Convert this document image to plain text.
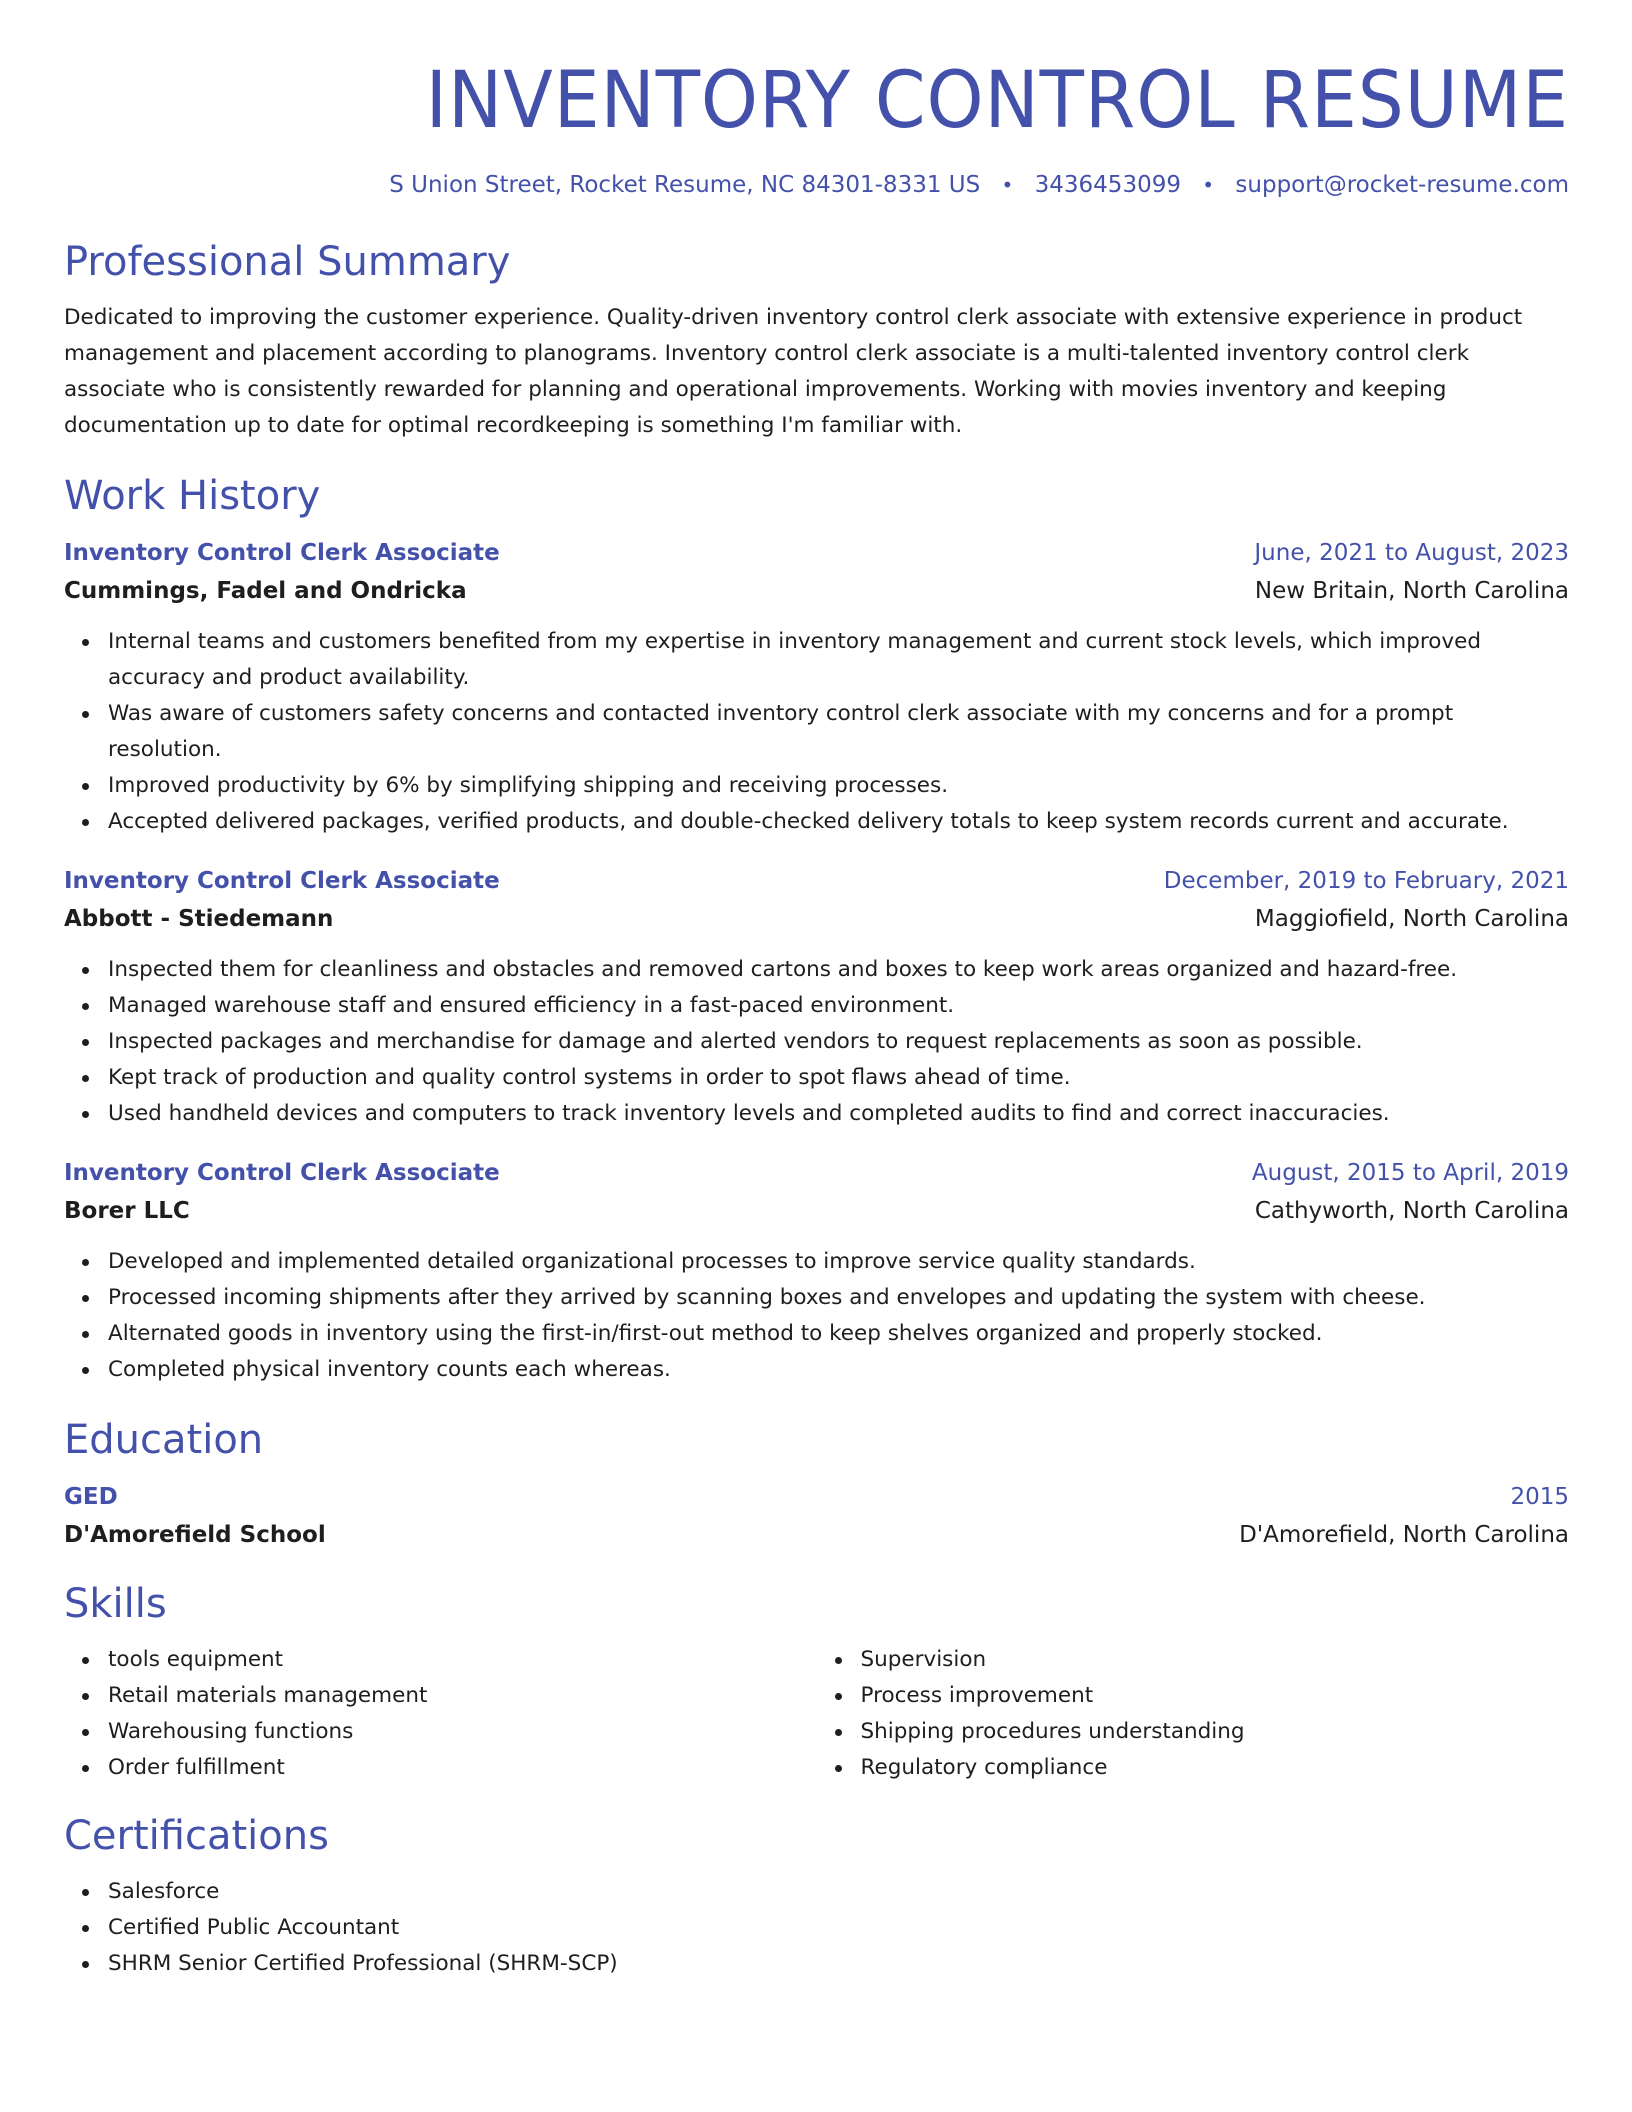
INVENTORY CONTROL RESUME
S Union Street, Rocket Resume, NC 84301-8331 US • 3436453099 • support@rocket-resume.com
Professional Summary

Dedicated to improving the customer experience. Quality-driven inventory control clerk associate with extensive experience in product management and placement according to planograms. Inventory control clerk associate is a multi-talented inventory control clerk associate who is consistently rewarded for planning and operational improvements. Working with movies inventory and keeping documentation up to date for optimal recordkeeping is something I'm familiar with.

Work History
Inventory Control Clerk Associate	June, 2021 to August, 2023
Cummings, Fadel and Ondricka	New Britain, North Carolina
Internal teams and customers benefited from my expertise in inventory management and current stock levels, which improved accuracy and product availability.
Was aware of customers safety concerns and contacted inventory control clerk associate with my concerns and for a prompt resolution.
Improved productivity by 6% by simplifying shipping and receiving processes.
Accepted delivered packages, verified products, and double-checked delivery totals to keep system records current and accurate.
Inventory Control Clerk Associate	December, 2019 to February, 2021
Abbott - Stiedemann	Maggiofield, North Carolina
Inspected them for cleanliness and obstacles and removed cartons and boxes to keep work areas organized and hazard-free.
Managed warehouse staff and ensured efficiency in a fast-paced environment.
Inspected packages and merchandise for damage and alerted vendors to request replacements as soon as possible.
Kept track of production and quality control systems in order to spot flaws ahead of time.
Used handheld devices and computers to track inventory levels and completed audits to find and correct inaccuracies.
Inventory Control Clerk Associate	August, 2015 to April, 2019
Borer LLC	Cathyworth, North Carolina
Developed and implemented detailed organizational processes to improve service quality standards.
Processed incoming shipments after they arrived by scanning boxes and envelopes and updating the system with cheese.
Alternated goods in inventory using the first-in/first-out method to keep shelves organized and properly stocked.
Completed physical inventory counts each whereas.
Education
GED	2015
D'Amorefield School	D'Amorefield, North Carolina
Skills
tools equipment
Retail materials management
Warehousing functions
Order fulfillment
Supervision
Process improvement
Shipping procedures understanding
Regulatory compliance
Certifications
Salesforce
Certified Public Accountant
SHRM Senior Certified Professional (SHRM-SCP)
